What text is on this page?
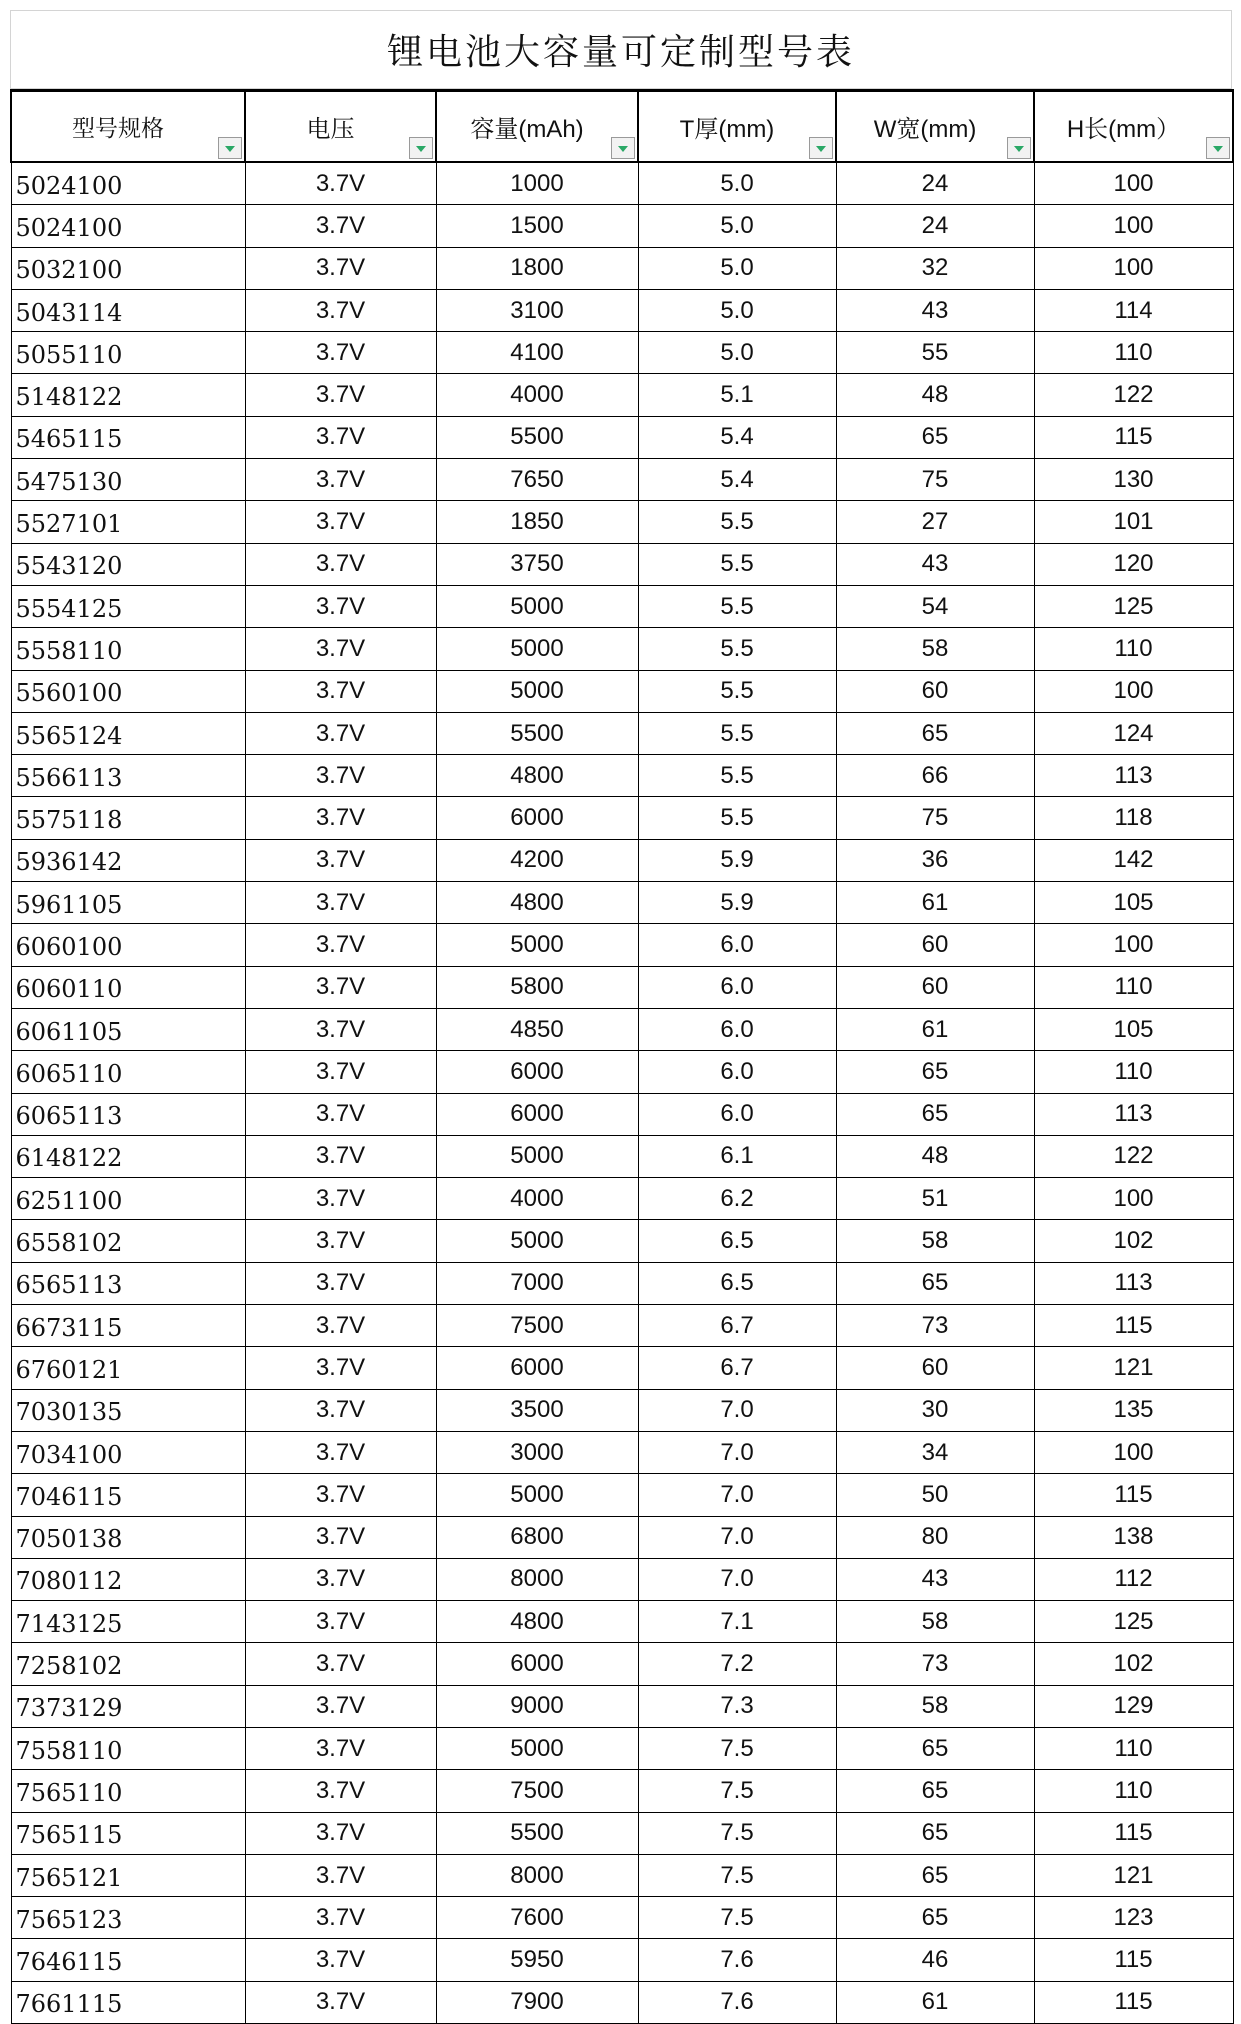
锂电池大容量可定制型号表
型号规格	电压	容量(mAh)	T厚(mm)	W宽(mm)	H长(mm）

5024100	3.7V	1000	5.0	24	100
5024100	3.7V	1500	5.0	24	100
5032100	3.7V	1800	5.0	32	100
5043114	3.7V	3100	5.0	43	114
5055110	3.7V	4100	5.0	55	110
5148122	3.7V	4000	5.1	48	122
5465115	3.7V	5500	5.4	65	115
5475130	3.7V	7650	5.4	75	130
5527101	3.7V	1850	5.5	27	101
5543120	3.7V	3750	5.5	43	120
5554125	3.7V	5000	5.5	54	125
5558110	3.7V	5000	5.5	58	110
5560100	3.7V	5000	5.5	60	100
5565124	3.7V	5500	5.5	65	124
5566113	3.7V	4800	5.5	66	113
5575118	3.7V	6000	5.5	75	118
5936142	3.7V	4200	5.9	36	142
5961105	3.7V	4800	5.9	61	105
6060100	3.7V	5000	6.0	60	100
6060110	3.7V	5800	6.0	60	110
6061105	3.7V	4850	6.0	61	105
6065110	3.7V	6000	6.0	65	110
6065113	3.7V	6000	6.0	65	113
6148122	3.7V	5000	6.1	48	122
6251100	3.7V	4000	6.2	51	100
6558102	3.7V	5000	6.5	58	102
6565113	3.7V	7000	6.5	65	113
6673115	3.7V	7500	6.7	73	115
6760121	3.7V	6000	6.7	60	121
7030135	3.7V	3500	7.0	30	135
7034100	3.7V	3000	7.0	34	100
7046115	3.7V	5000	7.0	50	115
7050138	3.7V	6800	7.0	80	138
7080112	3.7V	8000	7.0	43	112
7143125	3.7V	4800	7.1	58	125
7258102	3.7V	6000	7.2	73	102
7373129	3.7V	9000	7.3	58	129
7558110	3.7V	5000	7.5	65	110
7565110	3.7V	7500	7.5	65	110
7565115	3.7V	5500	7.5	65	115
7565121	3.7V	8000	7.5	65	121
7565123	3.7V	7600	7.5	65	123
7646115	3.7V	5950	7.6	46	115
7661115	3.7V	7900	7.6	61	115
